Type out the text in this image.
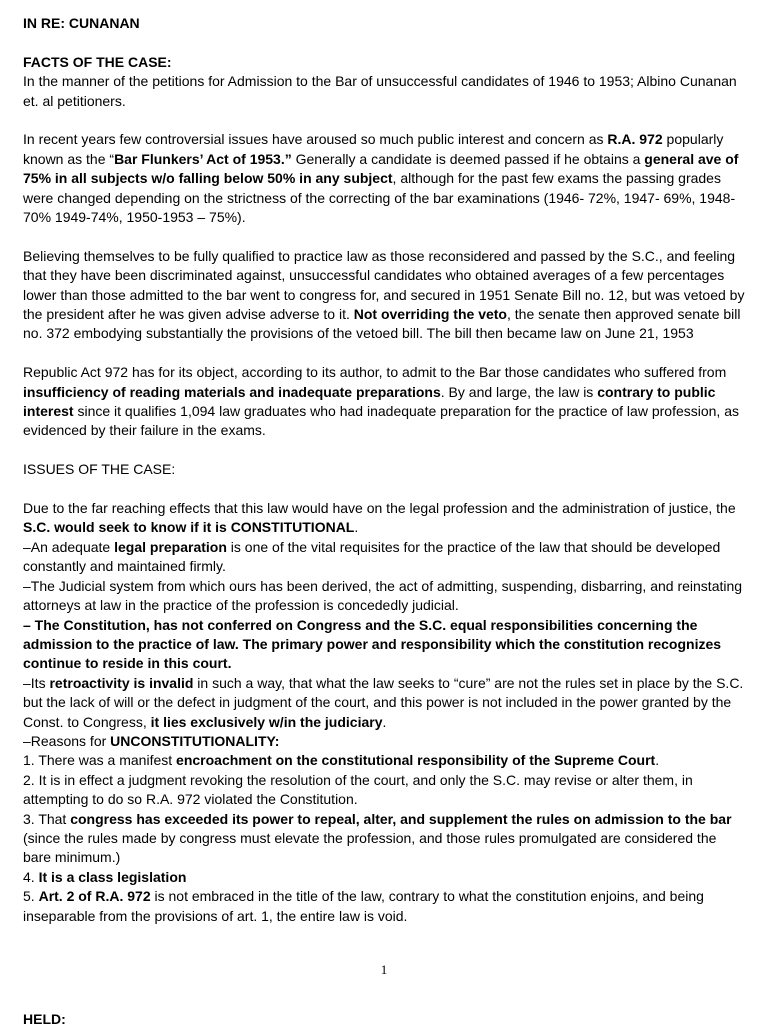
IN RE: CUNANAN

FACTS OF THE CASE:

In the manner of the petitions for Admission to the Bar of unsuccessful candidates of 1946 to 1953; Albino Cunanan et. al petitioners.

In recent years few controversial issues have aroused so much public interest and concern as R.A. 972 popularly known as the “Bar Flunkers’ Act of 1953.” Generally a candidate is deemed passed if he obtains a general ave of 75% in all subjects w/o falling below 50% in any subject, although for the past few exams the passing grades were changed depending on the strictness of the correcting of the bar examinations (1946- 72%, 1947- 69%, 1948- 70% 1949-74%, 1950-1953 – 75%).

Believing themselves to be fully qualified to practice law as those reconsidered and passed by the S.C., and feeling that they have been discriminated against, unsuccessful candidates who obtained averages of a few percentages lower than those admitted to the bar went to congress for, and secured in 1951 Senate Bill no. 12, but was vetoed by the president after he was given advise adverse to it. Not overriding the veto, the senate then approved senate bill no. 372 embodying substantially the provisions of the vetoed bill. The bill then became law on June 21, 1953

Republic Act 972 has for its object, according to its author, to admit to the Bar those candidates who suffered from insufficiency of reading materials and inadequate preparations. By and large, the law is contrary to public interest since it qualifies 1,094 law graduates who had inadequate preparation for the practice of law profession, as evidenced by their failure in the exams.

ISSUES OF THE CASE:

Due to the far reaching effects that this law would have on the legal profession and the administration of justice, the S.C. would seek to know if it is CONSTITUTIONAL.

–An adequate legal preparation is one of the vital requisites for the practice of the law that should be developed constantly and maintained firmly.

–The Judicial system from which ours has been derived, the act of admitting, suspending, disbarring, and reinstating attorneys at law in the practice of the profession is concededly judicial.

– The Constitution, has not conferred on Congress and the S.C. equal responsibilities concerning the admission to the practice of law. The primary power and responsibility which the constitution recognizes continue to reside in this court.

–Its retroactivity is invalid in such a way, that what the law seeks to “cure” are not the rules set in place by the S.C. but the lack of will or the defect in judgment of the court, and this power is not included in the power granted by the Const. to Congress, it lies exclusively w/in the judiciary.

–Reasons for UNCONSTITUTIONALITY:

1. There was a manifest encroachment on the constitutional responsibility of the Supreme Court.

2. It is in effect a judgment revoking the resolution of the court, and only the S.C. may revise or alter them, in attempting to do so R.A. 972 violated the Constitution.

3. That congress has exceeded its power to repeal, alter, and supplement the rules on admission to the bar (since the rules made by congress must elevate the profession, and those rules promulgated are considered the bare minimum.)

4. It is a class legislation

5. Art. 2 of R.A. 972 is not embraced in the title of the law, contrary to what the constitution enjoins, and being inseparable from the provisions of art. 1, the entire law is void.

1
HELD:
